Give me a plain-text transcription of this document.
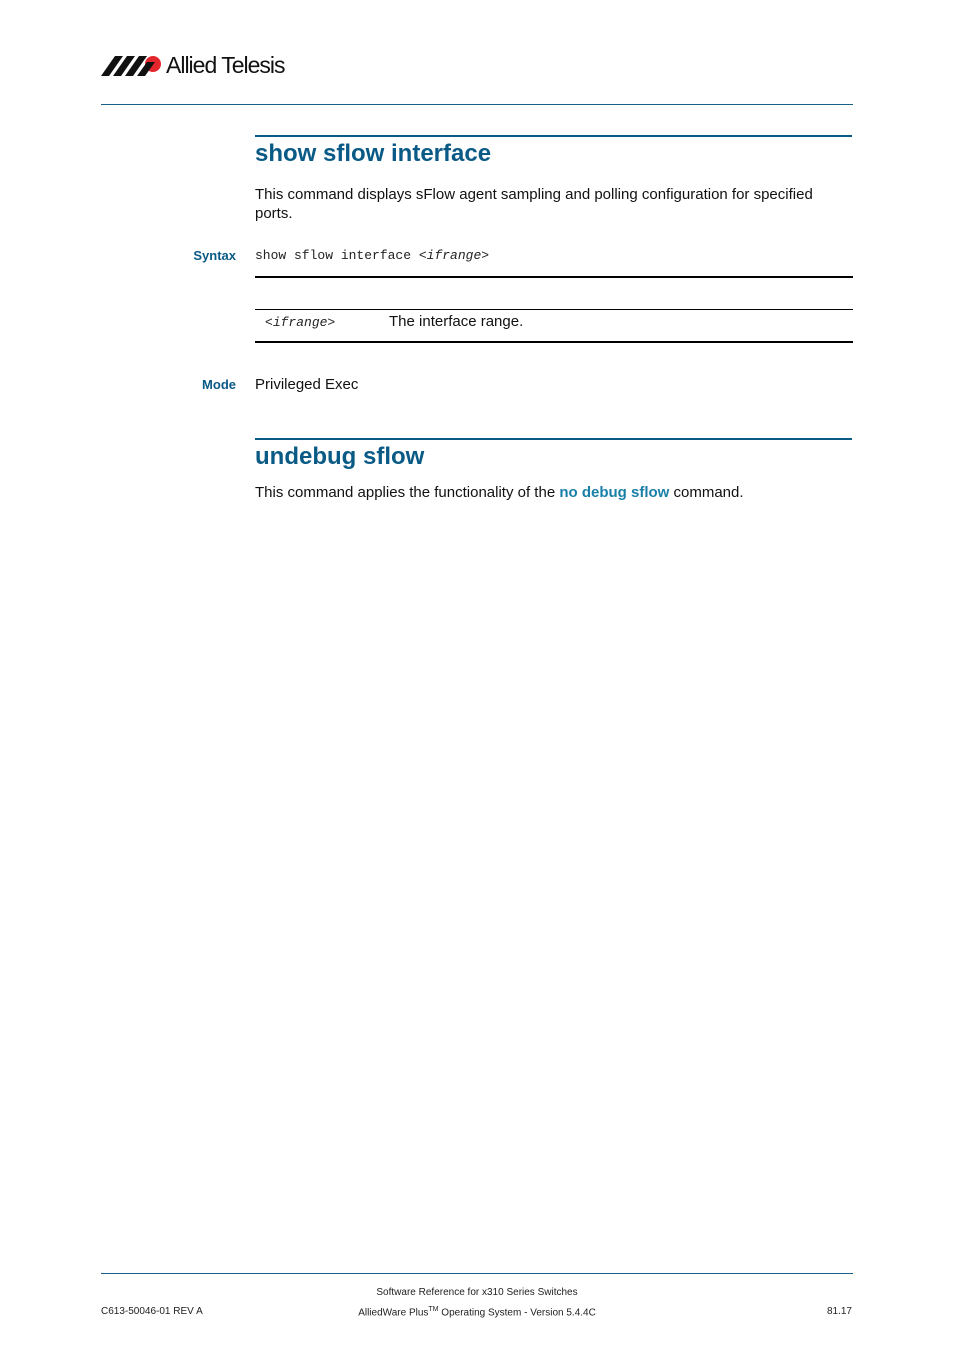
Allied Telesis
show sflow interface
This command displays sFlow agent sampling and polling configuration for specified ports.
Syntax show sflow interface <ifrange>
<ifrange>	The interface range.
Mode Privileged Exec
undebug sflow
This command applies the functionality of the no debug sflow command.
C613-50046-01 REV A
Software Reference for x310 Series Switches
AlliedWare Plus™ Operating System - Version 5.4.4C	81.17
